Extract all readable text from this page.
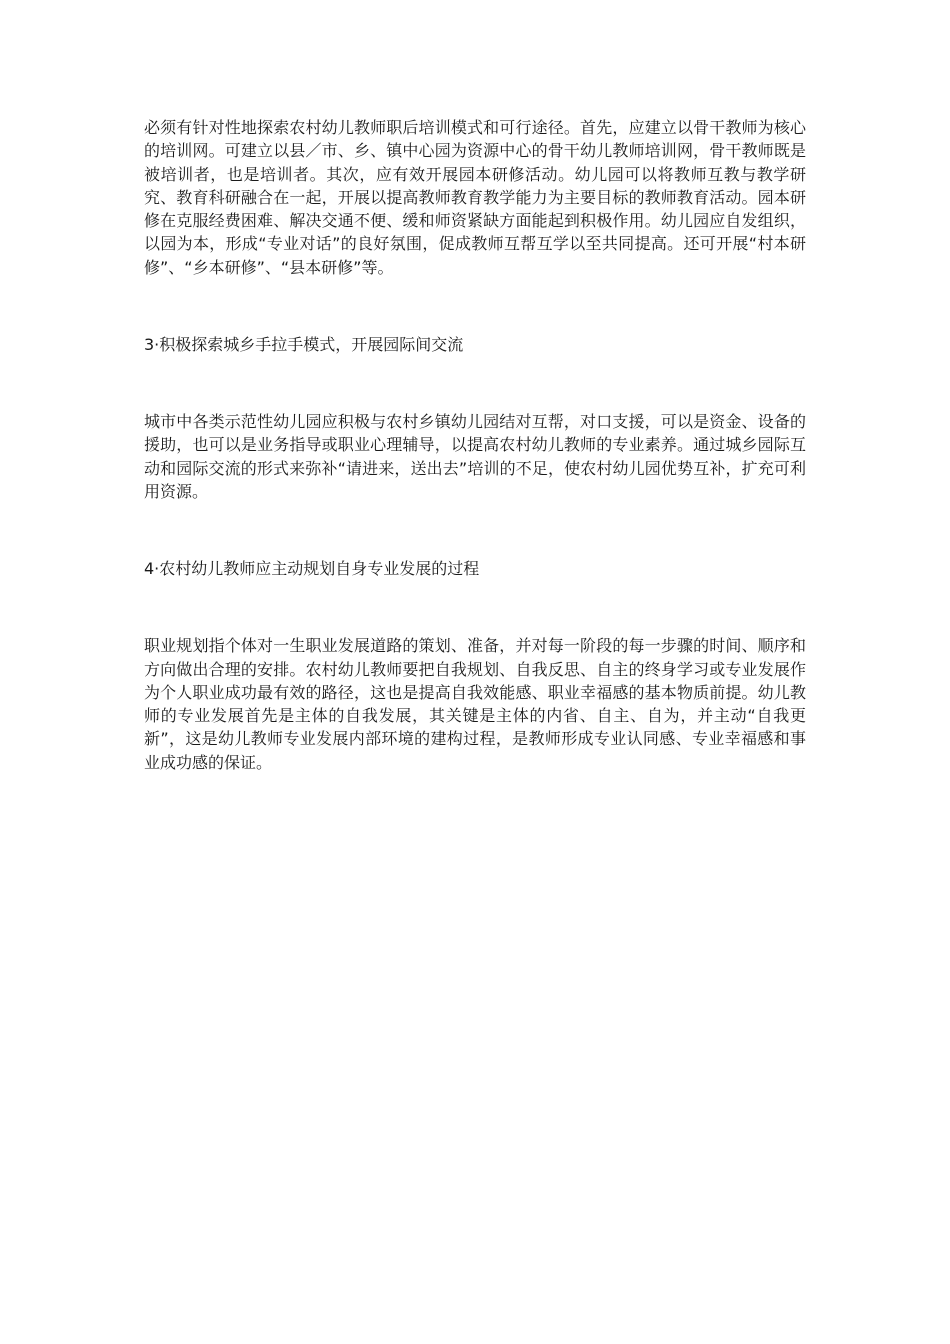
必须有针对性地探索农村幼儿教师职后培训模式和可行途径。首先，应建立以骨干教师为核心的培训网。可建立以县／市、乡、镇中心园为资源中心的骨干幼儿教师培训网，骨干教师既是被培训者，也是培训者。其次，应有效开展园本研修活动。幼儿园可以将教师互教与教学研究、教育科研融合在一起，开展以提高教师教育教学能力为主要目标的教师教育活动。园本研修在克服经费困难、解决交通不便、缓和师资紧缺方面能起到积极作用。幼儿园应自发组织，以园为本，形成“专业对话”的良好氛围，促成教师互帮互学以至共同提高。还可开展“村本研修”、“乡本研修”、“县本研修”等。

3·积极探索城乡手拉手模式，开展园际间交流

城市中各类示范性幼儿园应积极与农村乡镇幼儿园结对互帮，对口支援，可以是资金、设备的援助，也可以是业务指导或职业心理辅导，以提高农村幼儿教师的专业素养。通过城乡园际互动和园际交流的形式来弥补“请进来，送出去”培训的不足，使农村幼儿园优势互补，扩充可利用资源。

4·农村幼儿教师应主动规划自身专业发展的过程

职业规划指个体对一生职业发展道路的策划、准备，并对每一阶段的每一步骤的时间、顺序和方向做出合理的安排。农村幼儿教师要把自我规划、自我反思、自主的终身学习或专业发展作为个人职业成功最有效的路径，这也是提高自我效能感、职业幸福感的基本物质前提。幼儿教师的专业发展首先是主体的自我发展，其关键是主体的内省、自主、自为，并主动“自我更新”，这是幼儿教师专业发展内部环境的建构过程，是教师形成专业认同感、专业幸福感和事业成功感的保证。
